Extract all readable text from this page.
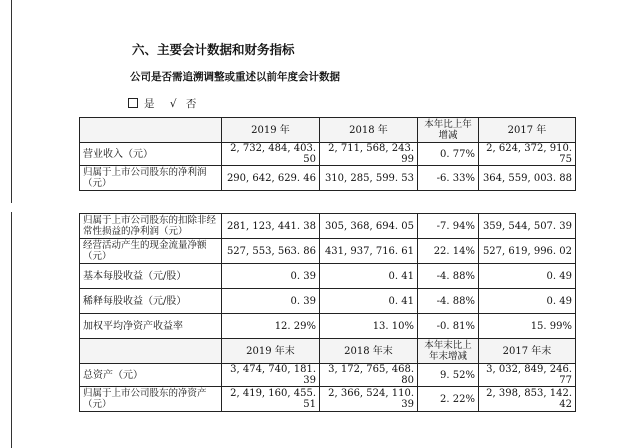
六、主要会计数据和财务指标
公司是否需追溯调整或重述以前年度会计数据
是 √ 否
	2019 年	2018 年	本年比上年增减	2017 年
营业收入（元）	2, 732, 484, 403. 50	2, 711, 568, 243. 99	0. 77%	2, 624, 372, 910. 75
归属于上市公司股东的净利润（元）	290, 642, 629. 46	310, 285, 599. 53	-6. 33%	364, 559, 003. 88
归属于上市公司股东的扣除非经常性损益的净利润（元）	281, 123, 441. 38	305, 368, 694. 05	-7. 94%	359, 544, 507. 39
经营活动产生的现金流量净额（元）	527, 553, 563. 86	431, 937, 716. 61	22. 14%	527, 619, 996. 02
基本每股收益（元/股）	0. 39	0. 41	-4. 88%	0. 49
稀释每股收益（元/股）	0. 39	0. 41	-4. 88%	0. 49
加权平均净资产收益率	12. 29%	13. 10%	-0. 81%	15. 99%
	2019 年末	2018 年末	本年末比上年末增减	2017 年末
总资产（元）	3, 474, 740, 181. 39	3, 172, 765, 468. 80	9. 52%	3, 032, 849, 246. 77
归属于上市公司股东的净资产（元）	2, 419, 160, 455. 51	2, 366, 524, 110. 39	2. 22%	2, 398, 853, 142. 42
